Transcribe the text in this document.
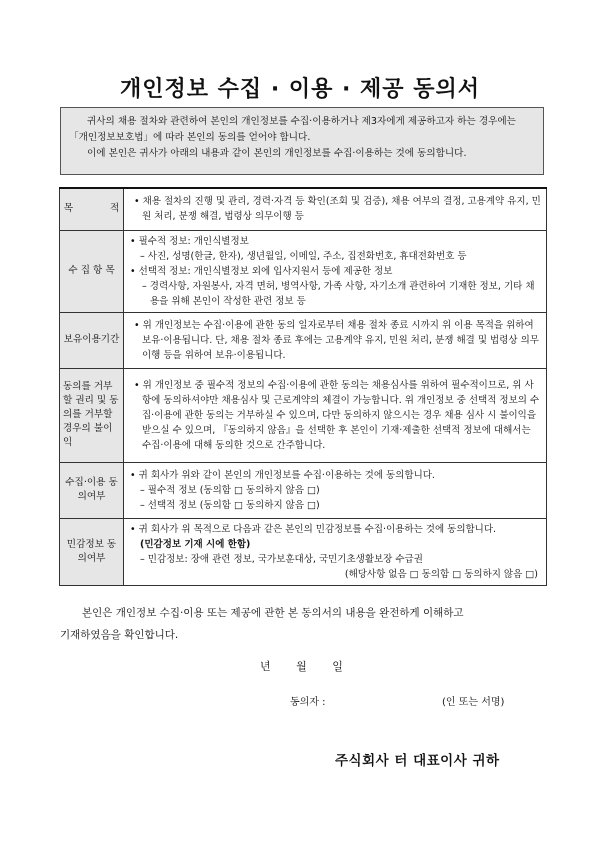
개인정보 수집 · 이용 · 제공 동의서

귀사의 채용 절차와 관련하여 본인의 개인정보를 수집·이용하거나 제3자에게 제공하고자 하는 경우에는 「개인정보보호법」에 따라 본인의 동의를 얻어야 합니다.

이에 본인은 귀사가 아래의 내용과 같이 본인의 개인정보를 수집·이용하는 것에 동의합니다.

목 적	• 채용 절차의 진행 및 관리, 경력·자격 등 확인(조회 및 검증), 채용 여부의 결정, 고용계약 유지, 민원 처리, 분쟁 해결, 법령상 의무이행 등

수 집 항 목	• 필수적 정보: 개인식별정보
– 사진, 성명(한글, 한자), 생년월일, 이메일, 주소, 집전화번호, 휴대전화번호 등
• 선택적 정보: 개인식별정보 외에 입사지원서 등에 제공한 정보
– 경력사항, 자원봉사, 자격 면허, 병역사항, 가족 사항, 자기소개 관련하여 기재한 정보, 기타 채용을 위해 본인이 작성한 관련 정보 등

보유이용기간	• 위 개인정보는 수집·이용에 관한 동의 일자로부터 채용 절차 종료 시까지 위 이용 목적을 위하여 보유·이용됩니다. 단, 채용 절차 종료 후에는 고용계약 유지, 민원 처리, 분쟁 해결 및 법령상 의무이행 등을 위하여 보유·이용됩니다.

동의를 거부할 권리 및 동의를 거부할 경우의 불이익	• 위 개인정보 중 필수적 정보의 수집·이용에 관한 동의는 채용심사를 위하여 필수적이므로, 위 사항에 동의하셔야만 채용심사 및 근로계약의 체결이 가능합니다. 위 개인정보 중 선택적 정보의 수집·이용에 관한 동의는 거부하실 수 있으며, 다만 동의하지 않으시는 경우 채용 심사 시 불이익을 받으실 수 있으며, 『동의하지 않음』을 선택한 후 본인이 기재·제출한 선택적 정보에 대해서는 수집·이용에 대해 동의한 것으로 간주합니다.

수집·이용 동의여부	• 귀 회사가 위와 같이 본인의 개인정보를 수집·이용하는 것에 동의합니다.
– 필수적 정보 (동의함 □ 동의하지 않음 □)
– 선택적 정보 (동의함 □ 동의하지 않음 □)

민감정보 동의여부	• 귀 회사가 위 목적으로 다음과 같은 본인의 민감정보를 수집·이용하는 것에 동의합니다.
(민감정보 기재 시에 한함)
– 민감정보: 장애 관련 정보, 국가보훈대상, 국민기초생활보장 수급권
(해당사항 없음 □ 동의함 □ 동의하지 않음 □)
본인은 개인정보 수집·이용 또는 제공에 관한 본 동의서의 내용을 완전하게 이해하고
기재하였음을 확인합니다.
년 월 일
동의자 :	(인 또는 서명)
주식회사 터 대표이사 귀하
